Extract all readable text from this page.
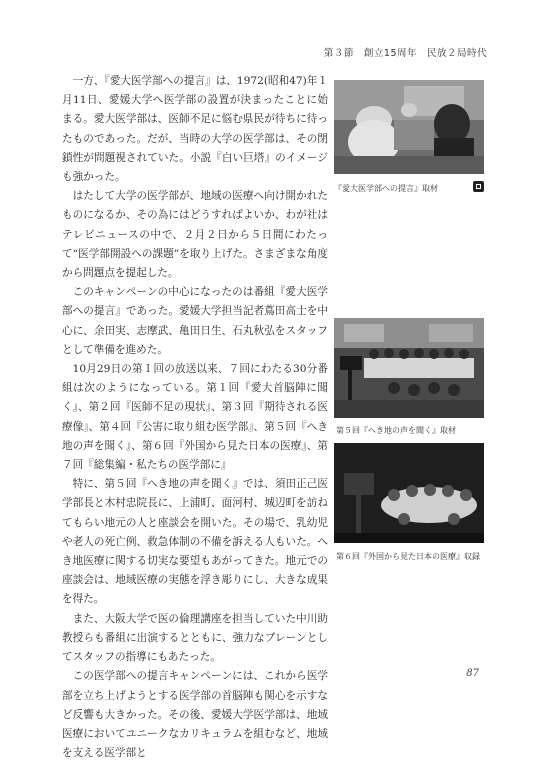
第３節　創立15周年　民放２局時代

一方、『愛大医学部への提言』は、1972(昭和47)年１月11日、愛媛大学へ医学部の設置が決まったことに始まる。愛大医学部は、医師不足に悩む県民が待ちに待ったものであった。だが、当時の大学の医学部は、その閉鎖性が問題視されていた。小説『白い巨塔』のイメージも強かった。

はたして大学の医学部が、地域の医療へ向け開かれたものになるか、その為にはどうすればよいか、わが社はテレビニュースの中で、２月２日から５日間にわたって“医学部開設への課題”を取り上げた。さまざまな角度から問題点を提起した。

このキャンペーンの中心になったのは番組『愛大医学部への提言』であった。愛媛大学担当記者蔦田高士を中心に、余田実、志摩武、亀田日生、石丸秋弘をスタッフとして準備を進めた。

10月29日の第１回の放送以来、７回にわたる30分番組は次のようになっている。第１回『愛大首脳陣に聞く』、第２回『医師不足の現状』、第３回『期待される医療像』、第４回『公害に取り組む医学部』、第５回『へき地の声を聞く』、第６回『外国から見た日本の医療』、第７回『総集編・私たちの医学部に』

特に、第５回『へき地の声を聞く』では、須田正己医学部長と木村忠院長に、上浦町、面河村、城辺町を訪ねてもらい地元の人と座談会を開いた。その場で、乳幼児や老人の死亡例、救急体制の不備を訴える人もいた。へき地医療に関する切実な要望もあがってきた。地元での座談会は、地域医療の実態を浮き彫りにし、大きな成果を得た。

また、大阪大学で医の倫理講座を担当していた中川助教授らも番組に出演するとともに、強力なブレーンとしてスタッフの指導にもあたった。

この医学部への提言キャンペーンには、これから医学部を立ち上げようとする医学部の首脳陣も関心を示すなど反響も大きかった。その後、愛媛大学医学部は、地域医療においてユニークなカリキュラムを組むなど、地域を支える医学部と

『愛大医学部への提言』取材
第５回『へき地の声を聞く』取材
第６回『外国から見た日本の医療』収録
87
